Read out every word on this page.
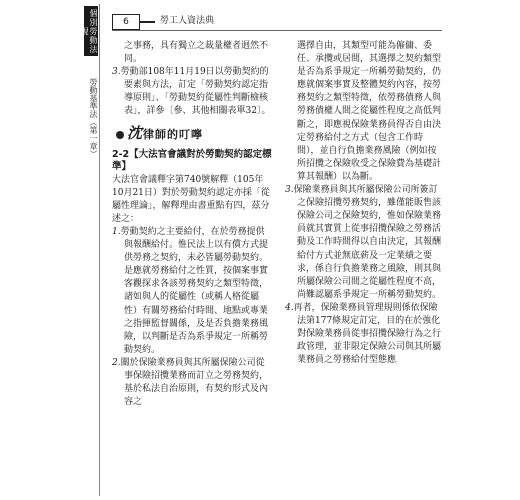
個別勞動法規
勞動基準法（第一章）
6	勞工人資法典

之事務，具有獨立之裁量權者迥然不同。

3.勞動部108年11月19日以勞動契約的要素與方法，訂定「勞動契約認定指導原則」、「勞動契約從屬性判斷檢核表」，詳參〔參、其他相關表單32〕。

沈律師的叮嚀

2-2【大法官會議對於勞動契約認定標準】

大法官會議釋字第740號解釋（105年10月21日）對於勞動契約認定亦採「從屬性理論」，解釋理由書重點有四，茲分述之：

1.勞動契約之主要給付，在於勞務提供與報酬給付。惟民法上以有償方式提供勞務之契約，未必皆屬勞動契約。是應就勞務給付之性質，按個案事實客觀探求各該勞務契約之類型特徵，諸如與人的從屬性（或稱人格從屬性）有關勞務給付時間、地點或專業之指揮監督關係，及是否負擔業務風險，以判斷是否為系爭規定一所稱勞動契約。

2.關於保險業務員與其所屬保險公司從事保險招攬業務而訂立之勞務契約，基於私法自治原則，有契約形式及內容之

選擇自由，其類型可能為僱傭、委任、承攬或居間，其選擇之契約類型是否為系爭規定一所稱勞動契約，仍應就個案事實及整體契約內容，按勞務契約之類型特徵，依勞務債務人與勞務債權人間之從屬性程度之高低判斷之，即應視保險業務員得否自由決定勞務給付之方式（包含工作時間），並自行負擔業務風險（例如按所招攬之保險收受之保險費為基礎計算其報酬）以為斷。

3.保險業務員與其所屬保險公司所簽訂之保險招攬勞務契約，雖僅能販售該保險公司之保險契約，惟如保險業務員就其實質上從事招攬保險之勞務活動及工作時間得以自由決定，其報酬給付方式並無底薪及一定業績之要求，係自行負擔業務之風險，則其與所屬保險公司間之從屬性程度不高，尚難認屬系爭規定一所稱勞動契約。

4.再者，保險業務員管理規則係依保險法第177條規定訂定，目的在於強化對保險業務員從事招攬保險行為之行政管理，並非限定保險公司與其所屬業務員之勞務給付型態應
